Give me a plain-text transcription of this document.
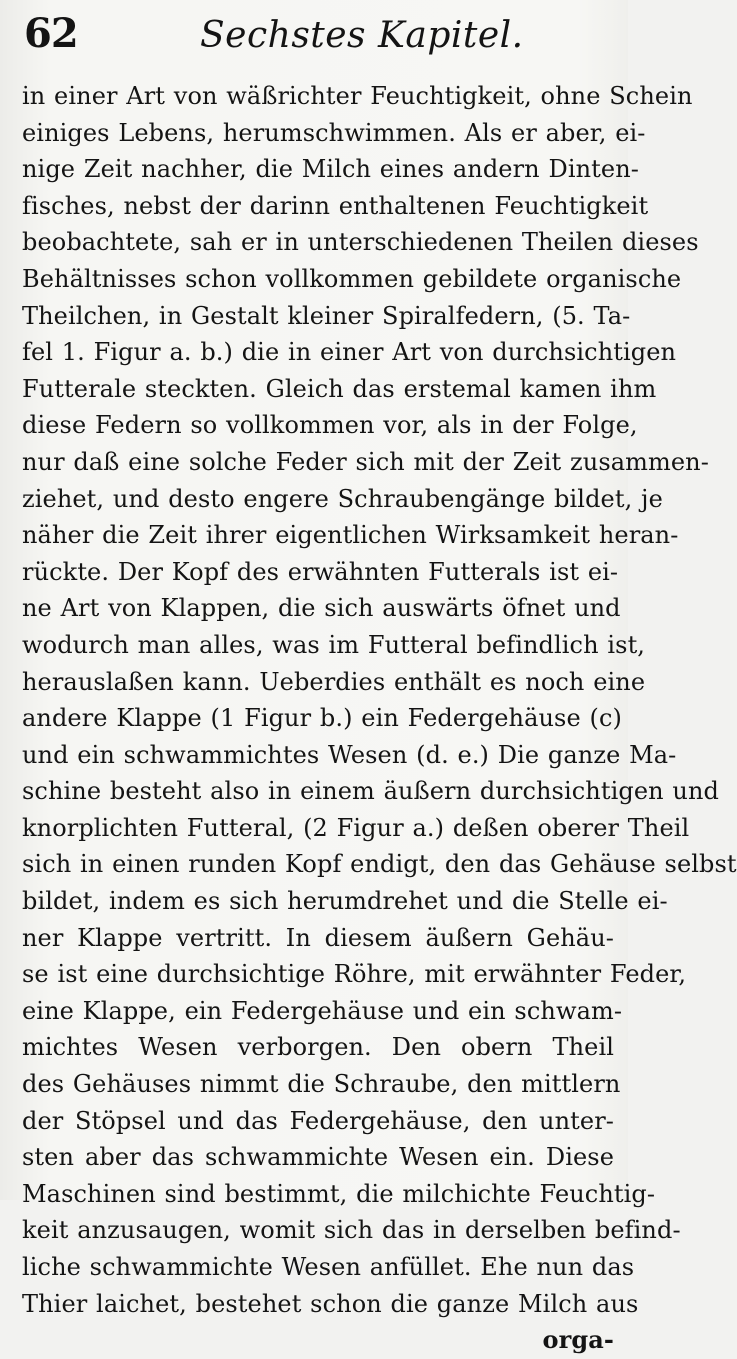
62	Sechstes Kapitel.
in einer Art von wäßrichter Feuchtigkeit, ohne Schein
einiges Lebens, herumschwimmen. Als er aber, ei-
nige Zeit nachher, die Milch eines andern Dinten-
fisches, nebst der darinn enthaltenen Feuchtigkeit
beobachtete, sah er in unterschiedenen Theilen dieses
Behältnisses schon vollkommen gebildete organische
Theilchen, in Gestalt kleiner Spiralfedern, (5. Ta-
fel 1. Figur a. b.) die in einer Art von durchsichtigen
Futterale steckten. Gleich das erstemal kamen ihm
diese Federn so vollkommen vor, als in der Folge,
nur daß eine solche Feder sich mit der Zeit zusammen-
ziehet, und desto engere Schraubengänge bildet, je
näher die Zeit ihrer eigentlichen Wirksamkeit heran-
rückte. Der Kopf des erwähnten Futterals ist ei-
ne Art von Klappen, die sich auswärts öfnet und
wodurch man alles, was im Futteral befindlich ist,
herauslaßen kann. Ueberdies enthält es noch eine
andere Klappe (1 Figur b.) ein Federgehäuse (c)
und ein schwammichtes Wesen (d. e.) Die ganze Ma-
schine besteht also in einem äußern durchsichtigen und
knorplichten Futteral, (2 Figur a.) deßen oberer Theil
sich in einen runden Kopf endigt, den das Gehäuse selbst
bildet, indem es sich herumdrehet und die Stelle ei-
ner Klappe vertritt. In diesem äußern Gehäu-
se ist eine durchsichtige Röhre, mit erwähnter Feder,
eine Klappe, ein Federgehäuse und ein schwam-
michtes Wesen verborgen. Den obern Theil
des Gehäuses nimmt die Schraube, den mittlern
der Stöpsel und das Federgehäuse, den unter-
sten aber das schwammichte Wesen ein. Diese
Maschinen sind bestimmt, die milchichte Feuchtig-
keit anzusaugen, womit sich das in derselben befind-
liche schwammichte Wesen anfüllet. Ehe nun das
Thier laichet, bestehet schon die ganze Milch aus
orga-
